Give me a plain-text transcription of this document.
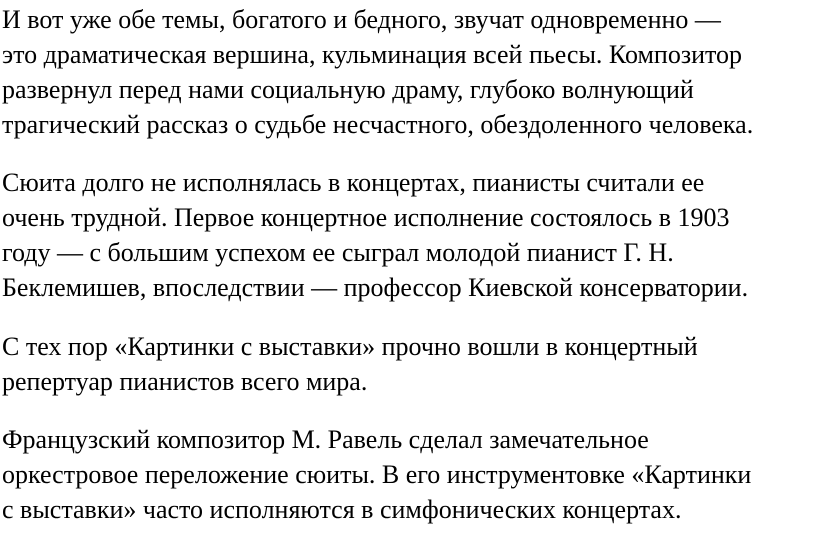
И вот уже обе темы, богатого и бедного, звучат одновременно —

это драматическая вершина, кульминация всей пьесы. Композитор

развернул перед нами социальную драму, глубоко волнующий

трагический рассказ о судьбе несчастного, обездоленного человека.

Сюита долго не исполнялась в концертах, пианисты считали ее

очень трудной. Первое концертное исполнение состоялось в 1903

году — с большим успехом ее сыграл молодой пианист Г. Н.

Беклемишев, впоследствии — профессор Киевской консерватории.

С тех пор «Картинки с выставки» прочно вошли в концертный

репертуар пианистов всего мира.

Французский композитор М. Равель сделал замечательное

оркестровое переложение сюиты. В его инструментовке «Картинки

с выставки» часто исполняются в симфонических концертах.
